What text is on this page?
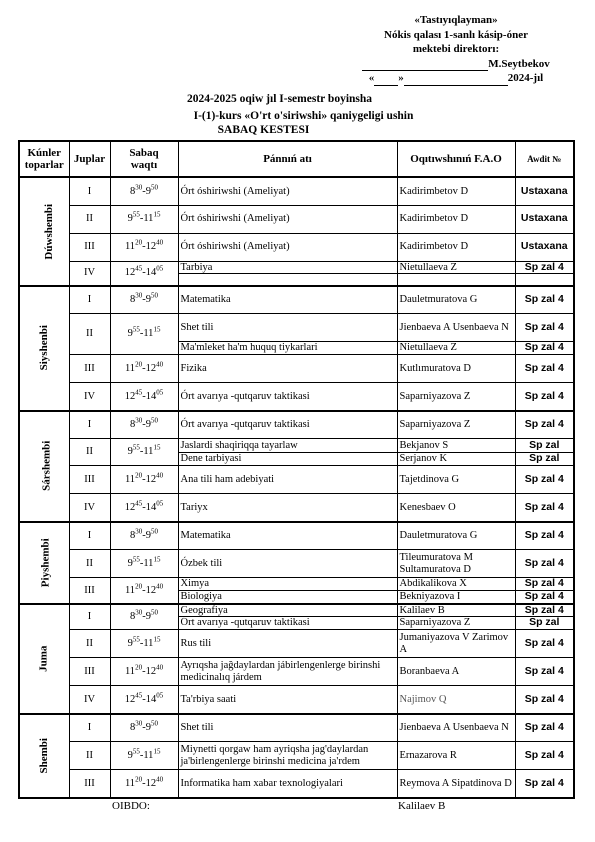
«Tastıyıqlayman»
Nókis qalası 1-sanlı kásip-óner
mektebi direktorı:
M.Seytbekov
« »	2024-jıl
2024-2025 oqiw jıl I-semestr boyinsha
I-(1)-kurs «O'rt o'siriwshi» qaniygeligi ushin
SABAQ KESTESI
Kúnler
toparlar	Juplar	Sabaq
waqtı	Pánnıń atı	Oqıtıwshınıń F.A.O	Awdit №
Dúwshembi	I	$8^{30}-9^{50}$	Órt óshiriwshi (Ameliyat)	Kadirimbetov D	Ustaxana
	II	$9^{55}-11^{15}$	Órt óshiriwshi (Ameliyat)	Kadirimbetov D	Ustaxana
	III	$11^{20}-12^{40}$	Órt óshiriwshi (Ameliyat)	Kadirimbetov D	Ustaxana
	IV	$12^{45}-14^{05}$	Tarbiya	Nietullaeva Z	Sp zal 4

Siyshenbi	I	$8^{30}-9^{50}$	Matematika	Dauletmuratova G	Sp zal 4
	II	$9^{55}-11^{15}$	Shet tili	Jienbaeva A Usenbaeva N	Sp zal 4
			Ma'mleket ha'm huquq tiykarlari	Nietullaeva Z	Sp zal 4
	III	$11^{20}-12^{40}$	Fizika	Kutlımuratova D	Sp zal 4
	IV	$12^{45}-14^{05}$	Órt avarıya -qutqaruv taktikasi	Saparniyazova Z	Sp zal 4
Sárshembi	I	$8^{30}-9^{50}$	Órt avarıya -qutqaruv taktikasi	Saparniyazova Z	Sp zal 4
	II	$9^{55}-11^{15}$	Jaslardi shaqiriqqa tayarlaw	Bekjanov S	Sp zal
			Dene tarbiyasi	Serjanov K	Sp zal
	III	$11^{20}-12^{40}$	Ana tili ham adebiyati	Tajetdinova G	Sp zal 4
	IV	$12^{45}-14^{05}$	Tariyx	Kenesbaev O	Sp zal 4
Piyshembi	I	$8^{30}-9^{50}$	Matematika	Dauletmuratova G	Sp zal 4
	II	$9^{55}-11^{15}$	Ózbek tili	Tileumuratova M Sultamuratova D	Sp zal 4
	III	$11^{20}-12^{40}$	Ximya	Abdikalikova X	Sp zal 4
			Biologiya	Bekniyazova I	Sp zal 4
Juma	I	$8^{30}-9^{50}$	Geografiya	Kalilaev B	Sp zal 4
			Órt avarıya -qutqaruv taktikasi	Saparniyazova Z	Sp zal
	II	$9^{55}-11^{15}$	Rus tili	Jumaniyazova V Zarimov A	Sp zal 4
	III	$11^{20}-12^{40}$	Ayrıqsha jağdaylardan jábirlengenlerge birinshi medicinalıq járdem	Boranbaeva A	Sp zal 4
	IV	$12^{45}-14^{05}$	Ta'rbiya saati	Najimov Q	Sp zal 4
Shembi	I	$8^{30}-9^{50}$	Shet tili	Jienbaeva A Usenbaeva N	Sp zal 4
	II	$9^{55}-11^{15}$	Miynetti qorgaw ham ayriqsha jag'daylardan ja'birlengenlerge birinshi medicina ja'rdem	Ernazarova R	Sp zal 4
	III	$11^{20}-12^{40}$	Informatika ham xabar texnologiyalari	Reymova A Sipatdinova D	Sp zal 4
OIBDO:	Kalilaev B
